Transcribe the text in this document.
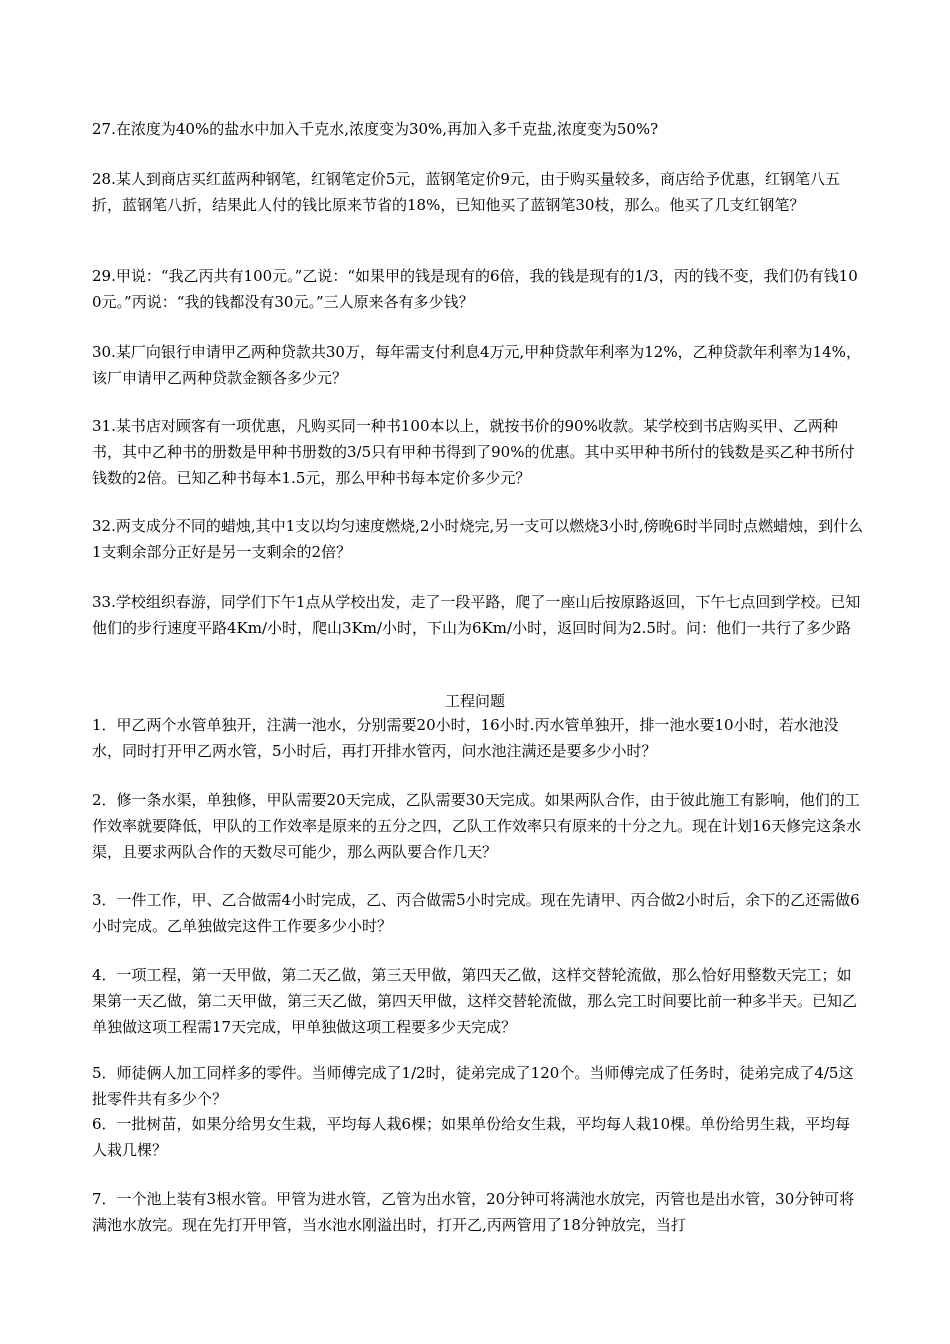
27.在浓度为40%的盐水中加入千克水,浓度变为30%,再加入多千克盐,浓度变为50%?

28.某人到商店买红蓝两种钢笔，红钢笔定价5元，蓝钢笔定价9元，由于购买量较多，商店给予优惠，红钢笔八五折，蓝钢笔八折，结果此人付的钱比原来节省的18%，已知他买了蓝钢笔30枝，那么。他买了几支红钢笔？

29.甲说：“我乙丙共有100元。”乙说：“如果甲的钱是现有的6倍，我的钱是现有的1/3，丙的钱不变，我们仍有钱100元。”丙说：“我的钱都没有30元。”三人原来各有多少钱？

30.某厂向银行申请甲乙两种贷款共30万，每年需支付利息4万元,甲种贷款年利率为12%，乙种贷款年利率为14%，该厂申请甲乙两种贷款金额各多少元？

31.某书店对顾客有一项优惠，凡购买同一种书100本以上，就按书价的90%收款。某学校到书店购买甲、乙两种书，其中乙种书的册数是甲种书册数的3/5只有甲种书得到了90%的优惠。其中买甲种书所付的钱数是买乙种书所付钱数的2倍。已知乙种书每本1.5元，那么甲种书每本定价多少元？

32.两支成分不同的蜡烛,其中1支以均匀速度燃烧,2小时烧完,另一支可以燃烧3小时,傍晚6时半同时点燃蜡烛，到什么1支剩余部分正好是另一支剩余的2倍？

33.学校组织春游，同学们下午1点从学校出发，走了一段平路，爬了一座山后按原路返回，下午七点回到学校。已知他们的步行速度平路4Km/小时，爬山3Km/小时，下山为6Km/小时，返回时间为2.5时。问：他们一共行了多少路

工程问题

1．甲乙两个水管单独开，注满一池水，分别需要20小时，16小时.丙水管单独开，排一池水要10小时，若水池没水，同时打开甲乙两水管，5小时后，再打开排水管丙，问水池注满还是要多少小时？

2．修一条水渠，单独修，甲队需要20天完成，乙队需要30天完成。如果两队合作，由于彼此施工有影响，他们的工作效率就要降低，甲队的工作效率是原来的五分之四，乙队工作效率只有原来的十分之九。现在计划16天修完这条水渠，且要求两队合作的天数尽可能少，那么两队要合作几天？

3．一件工作，甲、乙合做需4小时完成，乙、丙合做需5小时完成。现在先请甲、丙合做2小时后，余下的乙还需做6小时完成。乙单独做完这件工作要多少小时？

4．一项工程，第一天甲做，第二天乙做，第三天甲做，第四天乙做，这样交替轮流做，那么恰好用整数天完工；如果第一天乙做，第二天甲做，第三天乙做，第四天甲做，这样交替轮流做，那么完工时间要比前一种多半天。已知乙单独做这项工程需17天完成，甲单独做这项工程要多少天完成？

5．师徒俩人加工同样多的零件。当师傅完成了1/2时，徒弟完成了120个。当师傅完成了任务时，徒弟完成了4/5这批零件共有多少个？

6．一批树苗，如果分给男女生栽，平均每人栽6棵；如果单份给女生栽，平均每人栽10棵。单份给男生栽，平均每人栽几棵？

7．一个池上装有3根水管。甲管为进水管，乙管为出水管，20分钟可将满池水放完，丙管也是出水管，30分钟可将满池水放完。现在先打开甲管，当水池水刚溢出时，打开乙,丙两管用了18分钟放完，当打
